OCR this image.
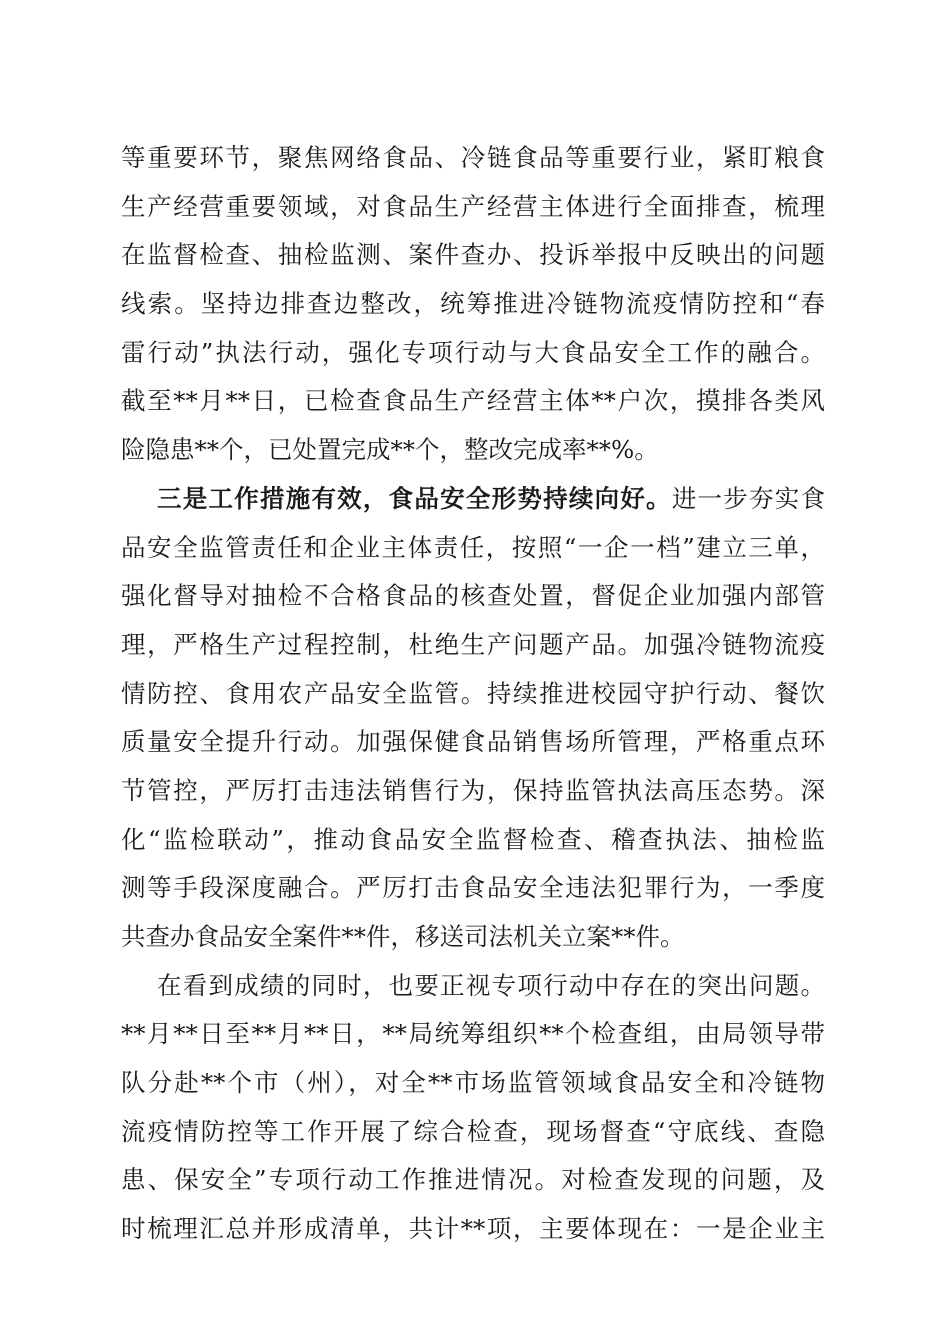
等重要环节，聚焦网络食品、冷链食品等重要行业，紧盯粮食
生产经营重要领域，对食品生产经营主体进行全面排查，梳理
在监督检查、抽检监测、案件查办、投诉举报中反映出的问题
线索。坚持边排查边整改，统筹推进冷链物流疫情防控和“春
雷行动”执法行动，强化专项行动与大食品安全工作的融合。
截至**月**日，已检查食品生产经营主体**户次，摸排各类风
险隐患**个，已处置完成**个，整改完成率**%。
三是工作措施有效，食品安全形势持续向好。进一步夯实食
品安全监管责任和企业主体责任，按照“一企一档”建立三单，
强化督导对抽检不合格食品的核查处置，督促企业加强内部管
理，严格生产过程控制，杜绝生产问题产品。加强冷链物流疫
情防控、食用农产品安全监管。持续推进校园守护行动、餐饮
质量安全提升行动。加强保健食品销售场所管理，严格重点环
节管控，严厉打击违法销售行为，保持监管执法高压态势。深
化“监检联动”，推动食品安全监督检查、稽查执法、抽检监
测等手段深度融合。严厉打击食品安全违法犯罪行为，一季度
共查办食品安全案件**件，移送司法机关立案**件。
在看到成绩的同时，也要正视专项行动中存在的突出问题。
**月**日至**月**日，**局统筹组织**个检查组，由局领导带
队分赴**个市（州），对全**市场监管领域食品安全和冷链物
流疫情防控等工作开展了综合检查，现场督查“守底线、查隐
患、保安全”专项行动工作推进情况。对检查发现的问题，及
时梳理汇总并形成清单，共计**项，主要体现在：一是企业主
